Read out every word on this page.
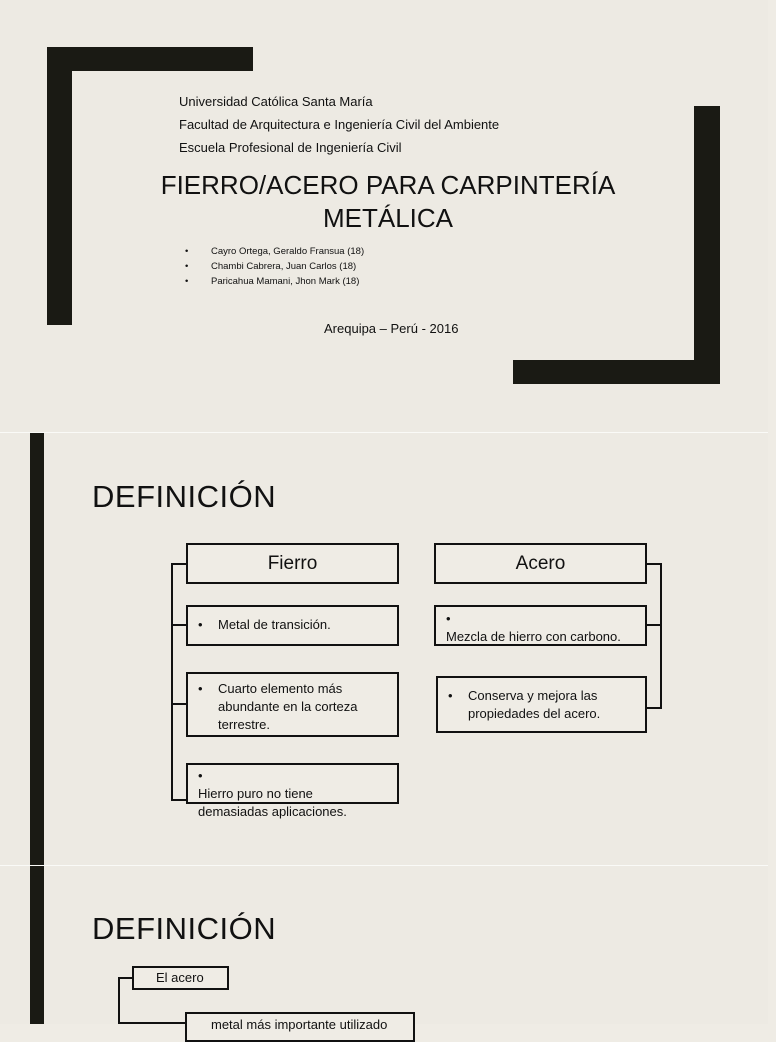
Universidad Católica Santa María
Facultad de Arquitectura e Ingeniería Civil del Ambiente
Escuela Profesional de Ingeniería Civil
FIERRO/ACERO PARA CARPINTERÍA
METÁLICA
• Cayro Ortega, Geraldo Fransua (18)
• Chambi Cabrera, Juan Carlos (18)
• Paricahua Mamani, Jhon Mark (18)
Arequipa – Perú - 2016
DEFINICIÓN
Fierro
• Metal de transición.
• Cuarto elemento más abundante en la corteza terrestre.
•Hierro puro no tiene demasiadas aplicaciones.
Acero
•Mezcla de hierro con carbono.
• Conserva y mejora las propiedades del acero.
DEFINICIÓN
El acero
metal más importante utilizado
